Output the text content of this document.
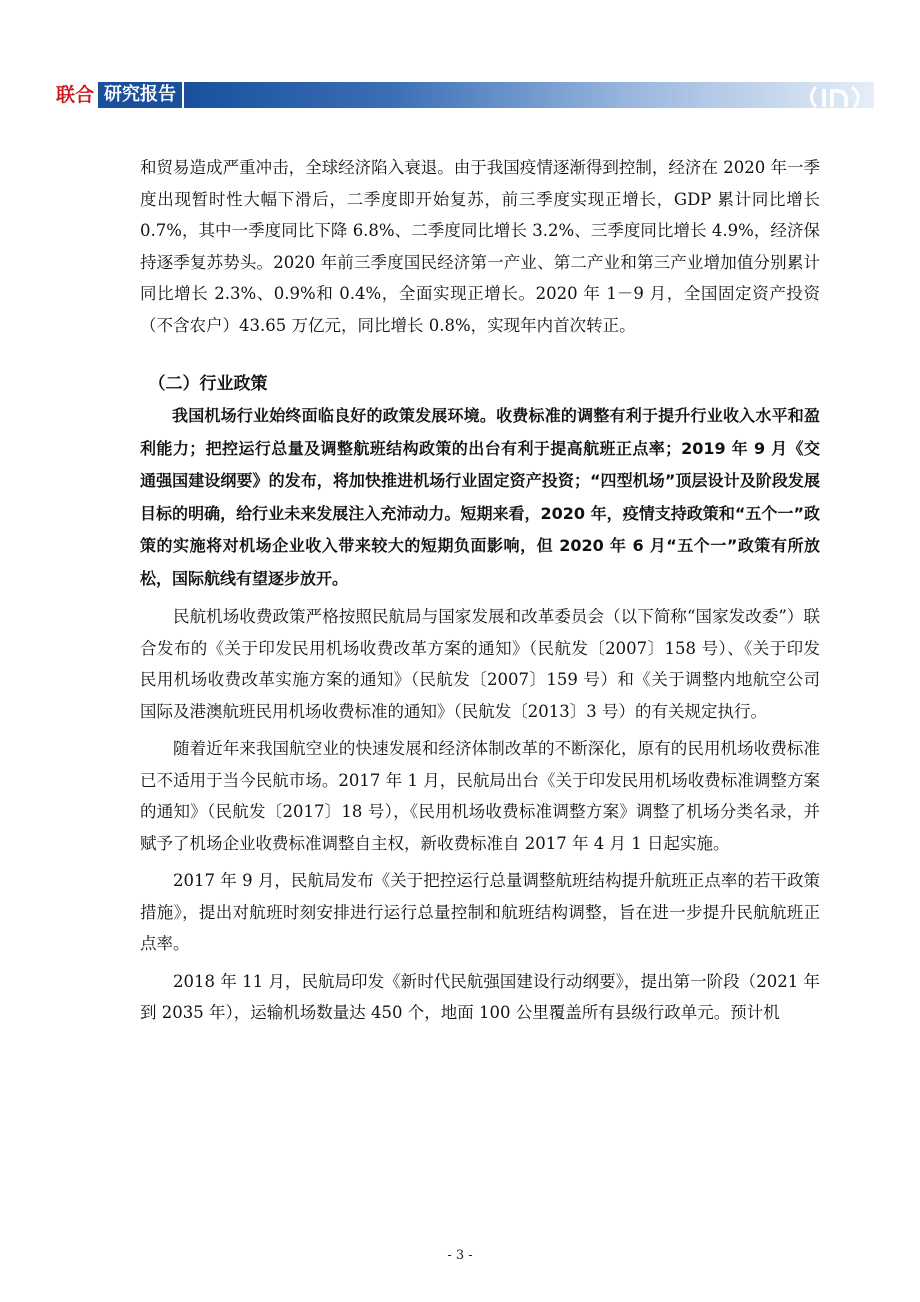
联合 研究报告

和贸易造成严重冲击，全球经济陷入衰退。由于我国疫情逐渐得到控制，经济在 2020 年一季度出现暂时性大幅下滑后，二季度即开始复苏，前三季度实现正增长，GDP 累计同比增长 0.7%，其中一季度同比下降 6.8%、二季度同比增长 3.2%、三季度同比增长 4.9%，经济保持逐季复苏势头。2020 年前三季度国民经济第一产业、第二产业和第三产业增加值分别累计同比增长 2.3%、0.9%和 0.4%，全面实现正增长。2020 年 1－9 月，全国固定资产投资（不含农户）43.65 万亿元，同比增长 0.8%，实现年内首次转正。

（二）行业政策

我国机场行业始终面临良好的政策发展环境。收费标准的调整有利于提升行业收入水平和盈利能力；把控运行总量及调整航班结构政策的出台有利于提高航班正点率；2019 年 9 月《交通强国建设纲要》的发布，将加快推进机场行业固定资产投资；“四型机场”顶层设计及阶段发展目标的明确，给行业未来发展注入充沛动力。短期来看，2020 年，疫情支持政策和“五个一”政策的实施将对机场企业收入带来较大的短期负面影响，但 2020 年 6 月“五个一”政策有所放松，国际航线有望逐步放开。

民航机场收费政策严格按照民航局与国家发展和改革委员会（以下简称“国家发改委”）联合发布的《关于印发民用机场收费改革方案的通知》（民航发〔2007〕158 号）、《关于印发民用机场收费改革实施方案的通知》（民航发〔2007〕159 号）和《关于调整内地航空公司国际及港澳航班民用机场收费标准的通知》（民航发〔2013〕3 号）的有关规定执行。

随着近年来我国航空业的快速发展和经济体制改革的不断深化，原有的民用机场收费标准已不适用于当今民航市场。2017 年 1 月，民航局出台《关于印发民用机场收费标准调整方案的通知》（民航发〔2017〕18 号），《民用机场收费标准调整方案》调整了机场分类名录，并赋予了机场企业收费标准调整自主权，新收费标准自 2017 年 4 月 1 日起实施。

2017 年 9 月，民航局发布《关于把控运行总量调整航班结构提升航班正点率的若干政策措施》，提出对航班时刻安排进行运行总量控制和航班结构调整，旨在进一步提升民航航班正点率。

2018 年 11 月，民航局印发《新时代民航强国建设行动纲要》，提出第一阶段（2021 年到 2035 年），运输机场数量达 450 个，地面 100 公里覆盖所有县级行政单元。预计机

- 3 -
